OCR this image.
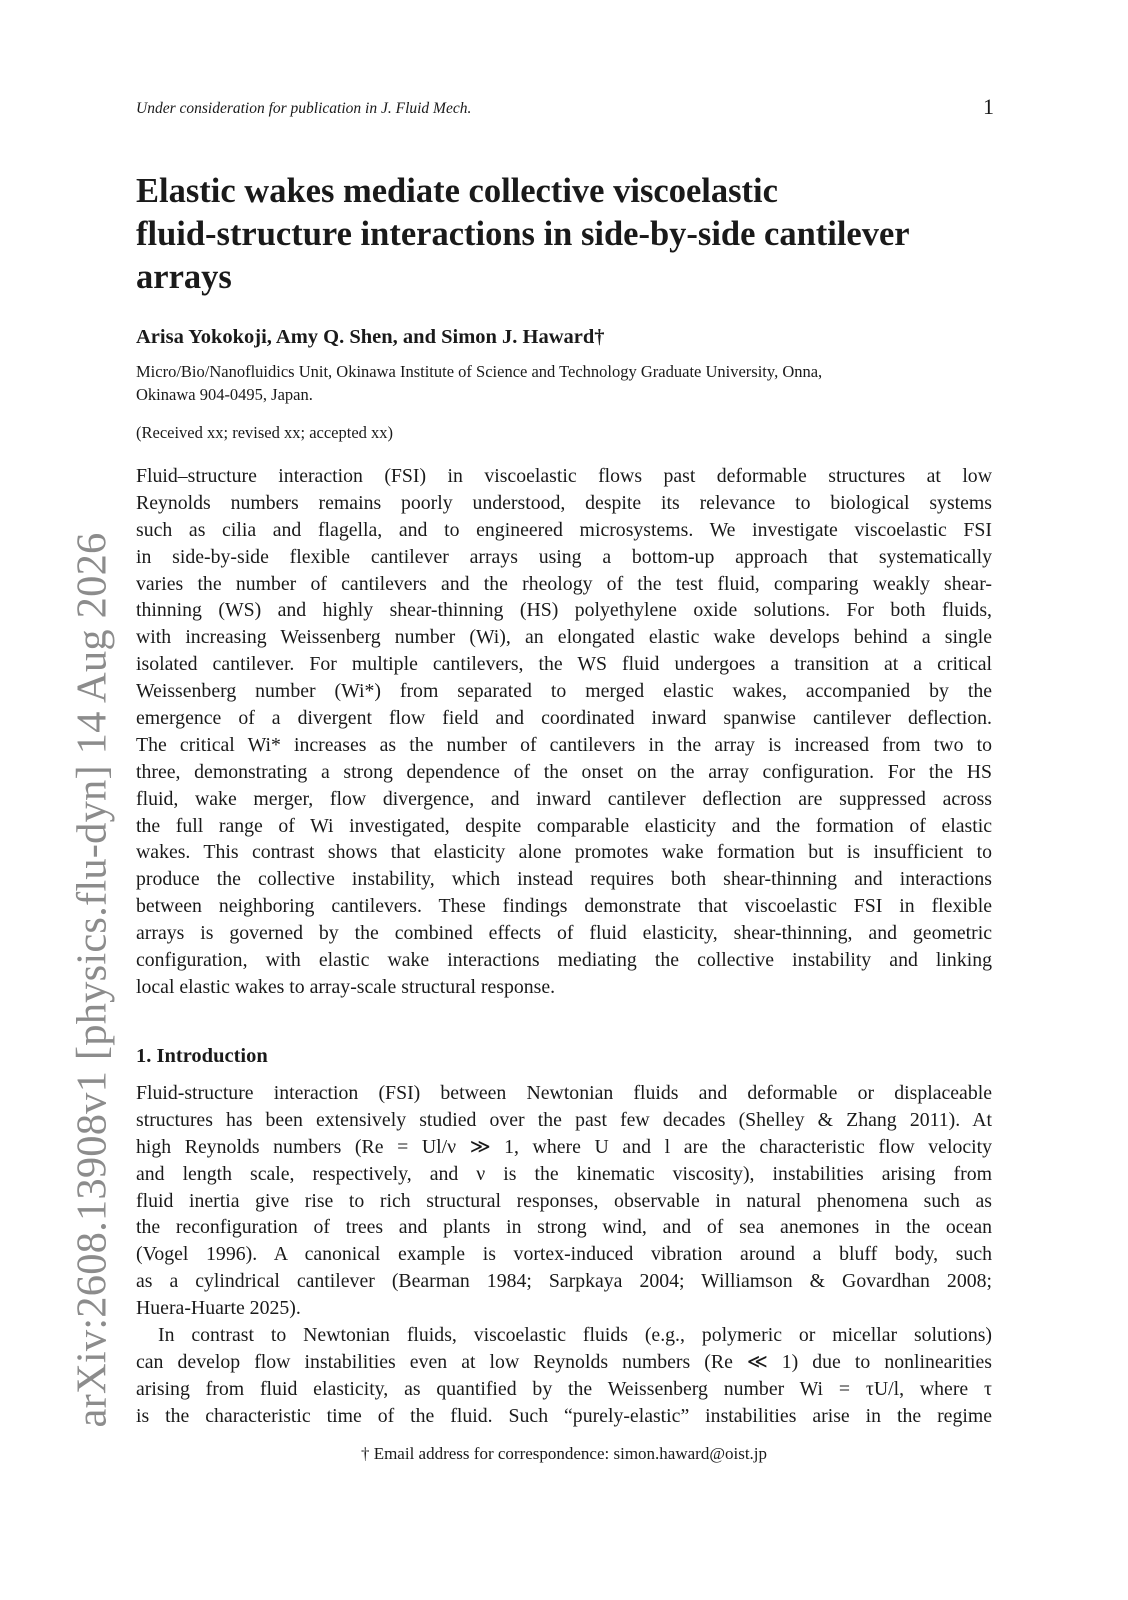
Under consideration for publication in J. Fluid Mech.	1
arXiv:2608.13908v1 [physics.flu-dyn] 14 Aug 2026
Elastic wakes mediate collective viscoelastic
fluid-structure interactions in side-by-side cantilever
arrays
Arisa Yokokoji, Amy Q. Shen, and Simon J. Haward†
Micro/Bio/Nanofluidics Unit, Okinawa Institute of Science and Technology Graduate University, Onna,
Okinawa 904-0495, Japan.
(Received xx; revised xx; accepted xx)
Fluid–structure interaction (FSI) in viscoelastic flows past deformable structures at low
Reynolds numbers remains poorly understood, despite its relevance to biological systems
such as cilia and flagella, and to engineered microsystems. We investigate viscoelastic FSI
in side-by-side flexible cantilever arrays using a bottom-up approach that systematically
varies the number of cantilevers and the rheology of the test fluid, comparing weakly shear-
thinning (WS) and highly shear-thinning (HS) polyethylene oxide solutions. For both fluids,
with increasing Weissenberg number (Wi), an elongated elastic wake develops behind a single
isolated cantilever. For multiple cantilevers, the WS fluid undergoes a transition at a critical
Weissenberg number (Wi*) from separated to merged elastic wakes, accompanied by the
emergence of a divergent flow field and coordinated inward spanwise cantilever deflection.
The critical Wi* increases as the number of cantilevers in the array is increased from two to
three, demonstrating a strong dependence of the onset on the array configuration. For the HS
fluid, wake merger, flow divergence, and inward cantilever deflection are suppressed across
the full range of Wi investigated, despite comparable elasticity and the formation of elastic
wakes. This contrast shows that elasticity alone promotes wake formation but is insufficient to
produce the collective instability, which instead requires both shear-thinning and interactions
between neighboring cantilevers. These findings demonstrate that viscoelastic FSI in flexible
arrays is governed by the combined effects of fluid elasticity, shear-thinning, and geometric
configuration, with elastic wake interactions mediating the collective instability and linking
local elastic wakes to array-scale structural response.
1. Introduction
Fluid-structure interaction (FSI) between Newtonian fluids and deformable or displaceable
structures has been extensively studied over the past few decades (Shelley & Zhang 2011). At
high Reynolds numbers (Re = Ul/ν ≫ 1, where U and l are the characteristic flow velocity
and length scale, respectively, and ν is the kinematic viscosity), instabilities arising from
fluid inertia give rise to rich structural responses, observable in natural phenomena such as
the reconfiguration of trees and plants in strong wind, and of sea anemones in the ocean
(Vogel 1996). A canonical example is vortex-induced vibration around a bluff body, such
as a cylindrical cantilever (Bearman 1984; Sarpkaya 2004; Williamson & Govardhan 2008;
Huera-Huarte 2025).
In contrast to Newtonian fluids, viscoelastic fluids (e.g., polymeric or micellar solutions)
can develop flow instabilities even at low Reynolds numbers (Re ≪ 1) due to nonlinearities
arising from fluid elasticity, as quantified by the Weissenberg number Wi = τU/l, where τ
is the characteristic time of the fluid. Such “purely-elastic” instabilities arise in the regime
† Email address for correspondence: simon.haward@oist.jp
